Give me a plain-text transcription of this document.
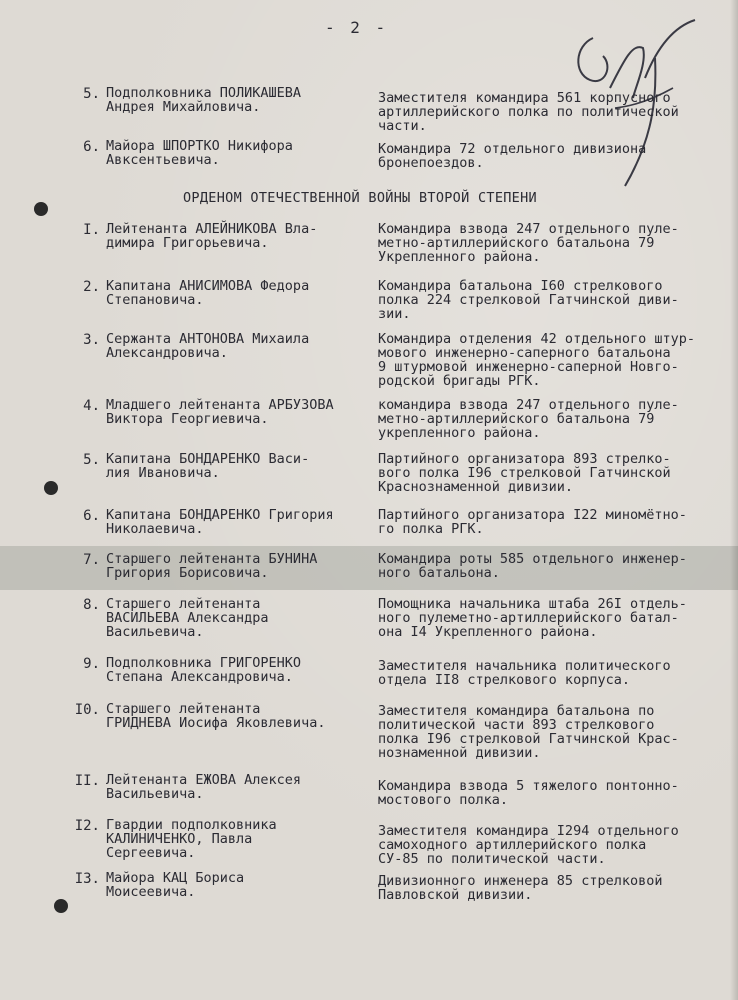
- 2 -
5. Подполковника ПОЛИКАШЕВА
Андрея Михайловича.
Заместителя командира 561 корпусного
артиллерийского полка по политической
части.
6. Майора ШПОРТКО Никифора
Авксентьевича.
Командира 72 отдельного дивизиона
бронепоездов.
ОРДЕНОМ ОТЕЧЕСТВЕННОЙ ВОЙНЫ ВТОРОЙ СТЕПЕНИ
I. Лейтенанта АЛЕЙНИКОВА Вла-
димира Григорьевича.
Командира взвода 247 отдельного пуле-
метно-артиллерийского батальона 79
Укрепленного района.
2. Капитана АНИСИМОВА Федора
Степановича.
Командира батальона I60 стрелкового
полка 224 стрелковой Гатчинской диви-
зии.
3. Сержанта АНТОНОВА Михаила
Александровича.
Командира отделения 42 отдельного штур-
мового инженерно-саперного батальона
9 штурмовой инженерно-саперной Новго-
родской бригады РГК.
4. Младшего лейтенанта АРБУЗОВА
Виктора Георгиевича.
командира взвода 247 отдельного пуле-
метно-артиллерийского батальона 79
укрепленного района.
5. Капитана БОНДАРЕНКО Васи-
лия Ивановича.
Партийного организатора 893 стрелко-
вого полка I96 стрелковой Гатчинской
Краснознаменной дивизии.
6. Капитана БОНДАРЕНКО Григория
Николаевича.
Партийного организатора I22 миномётно-
го полка РГК.
7. Старшего лейтенанта БУНИНА
Григория Борисовича.
Командира роты 585 отдельного инженер-
ного батальона.
8. Старшего лейтенанта
ВАСИЛЬЕВА Александра
Васильевича.
Помощника начальника штаба 26I отдель-
ного пулеметно-артиллерийского батал-
она I4 Укрепленного района.
9. Подполковника ГРИГОРЕНКО
Степана Александровича.
Заместителя начальника политического
отдела II8 стрелкового корпуса.
I0. Старшего лейтенанта
ГРИДНЕВА Иосифа Яковлевича.
Заместителя командира батальона по
политической части 893 стрелкового
полка I96 стрелковой Гатчинской Крас-
нознаменной дивизии.
II. Лейтенанта ЕЖОВА Алексея
Васильевича.	Командира взвода 5 тяжелого понтонно-
мостового полка.
I2. Гвардии подполковника
КАЛИНИЧЕНКО, Павла
Сергеевича.
Заместителя командира I294 отдельного
самоходного артиллерийского полка
СУ-85 по политической части.
I3. Майора КАЦ Бориса
Моисеевича.
Дивизионного инженера 85 стрелковой
Павловской дивизии.
